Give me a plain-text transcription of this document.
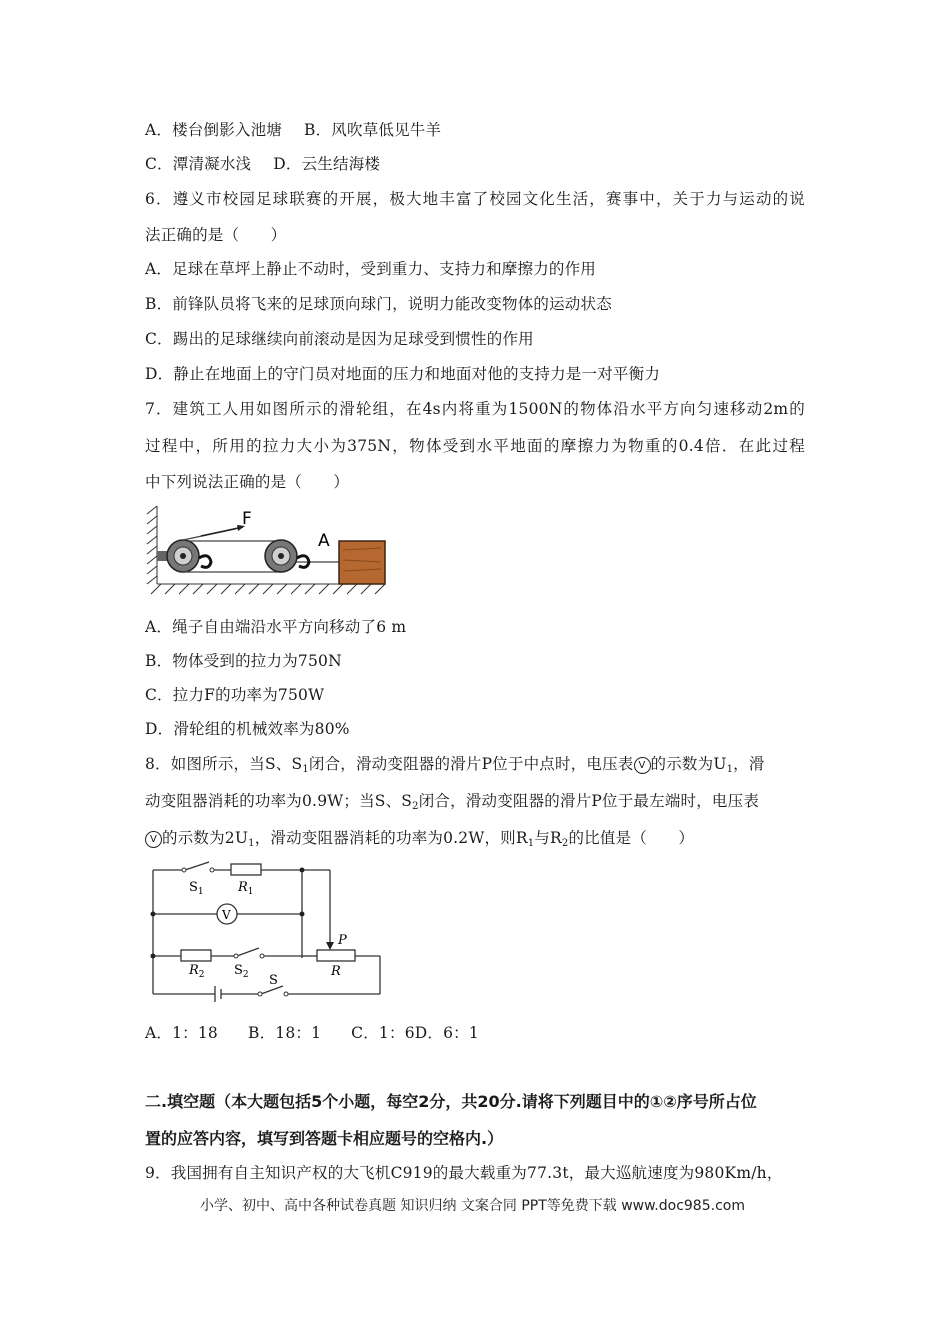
A．楼台倒影入池塘 B．风吹草低见牛羊
C．潭清凝水浅 D．云生结海楼
6．遵义市校园足球联赛的开展，极大地丰富了校园文化生活，赛事中，关于力与运动的说
法正确的是（　　）
A．足球在草坪上静止不动时，受到重力、支持力和摩擦力的作用
B．前锋队员将飞来的足球顶向球门，说明力能改变物体的运动状态
C．踢出的足球继续向前滚动是因为足球受到惯性的作用
D．静止在地面上的守门员对地面的压力和地面对他的支持力是一对平衡力
7．建筑工人用如图所示的滑轮组，在4s内将重为1500N的物体沿水平方向匀速移动2m的
过程中，所用的拉力大小为375N，物体受到水平地面的摩擦力为物重的0.4倍．在此过程
中下列说法正确的是（　　）
F
A
A．绳子自由端沿水平方向移动了6 m
B．物体受到的拉力为750N
C．拉力F的功率为750W
D．滑轮组的机械效率为80%
8．如图所示，当S、$S_1$闭合，滑动变阻器的滑片P位于中点时，电压表 V 的示数为$U_1$，滑
动变阻器消耗的功率为0.9W；当S、$S_2$闭合，滑动变阻器的滑片P位于最左端时，电压表
V 的示数为$2U_1$，滑动变阻器消耗的功率为0.2W，则$R_1$与$R_2$的比值是（　　）
$S_1$	$R_1$
V
$R_2$ $S_2$
P
R
S
A．1：18 B．18：1 C．1：6D．6：1
二.填空题（本大题包括5个小题，每空2分，共20分.请将下列题目中的①②序号所占位
置的应答内容，填写到答题卡相应题号的空格内.）
9．我国拥有自主知识产权的大飞机C919的最大载重为77.3t，最大巡航速度为980Km/h，
小学、初中、高中各种试卷真题 知识归纳 文案合同 PPT等免费下载 www.doc985.com
